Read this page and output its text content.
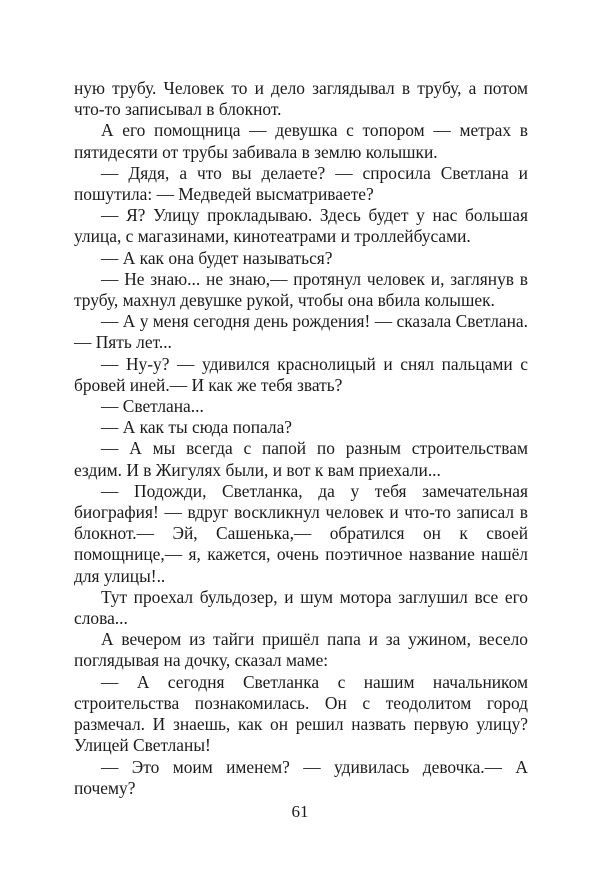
ную трубу. Человек то и дело заглядывал в трубу, а потом что-то записывал в блокнот.

А его помощница — девушка с топором — метрах в пятидесяти от трубы забивала в землю колышки.

— Дядя, а что вы делаете? — спросила Светлана и пошутила: — Медведей высматриваете?

— Я? Улицу прокладываю. Здесь будет у нас большая улица, с магазинами, кинотеатрами и троллейбусами.

— А как она будет называться?

— Не знаю... не знаю,— протянул человек и, заглянув в трубу, махнул девушке рукой, чтобы она вбила колышек.

— А у меня сегодня день рождения! — сказала Светлана.— Пять лет...

— Ну-у? — удивился краснолицый и снял пальцами с бровей иней.— И как же тебя звать?

— Светлана...

— А как ты сюда попала?

— А мы всегда с папой по разным строительствам ездим. И в Жигулях были, и вот к вам приехали...

— Подожди, Светланка, да у тебя замечательная биография! — вдруг воскликнул человек и что-то записал в блокнот.— Эй, Сашенька,— обратился он к своей помощнице,— я, кажется, очень поэтичное название нашёл для улицы!..

Тут проехал бульдозер, и шум мотора заглушил все его слова...

А вечером из тайги пришёл папа и за ужином, весело поглядывая на дочку, сказал маме:

— А сегодня Светланка с нашим начальником строительства познакомилась. Он с теодолитом город размечал. И знаешь, как он решил назвать первую улицу? Улицей Светланы!

— Это моим именем? — удивилась девочка.— А почему?

61
